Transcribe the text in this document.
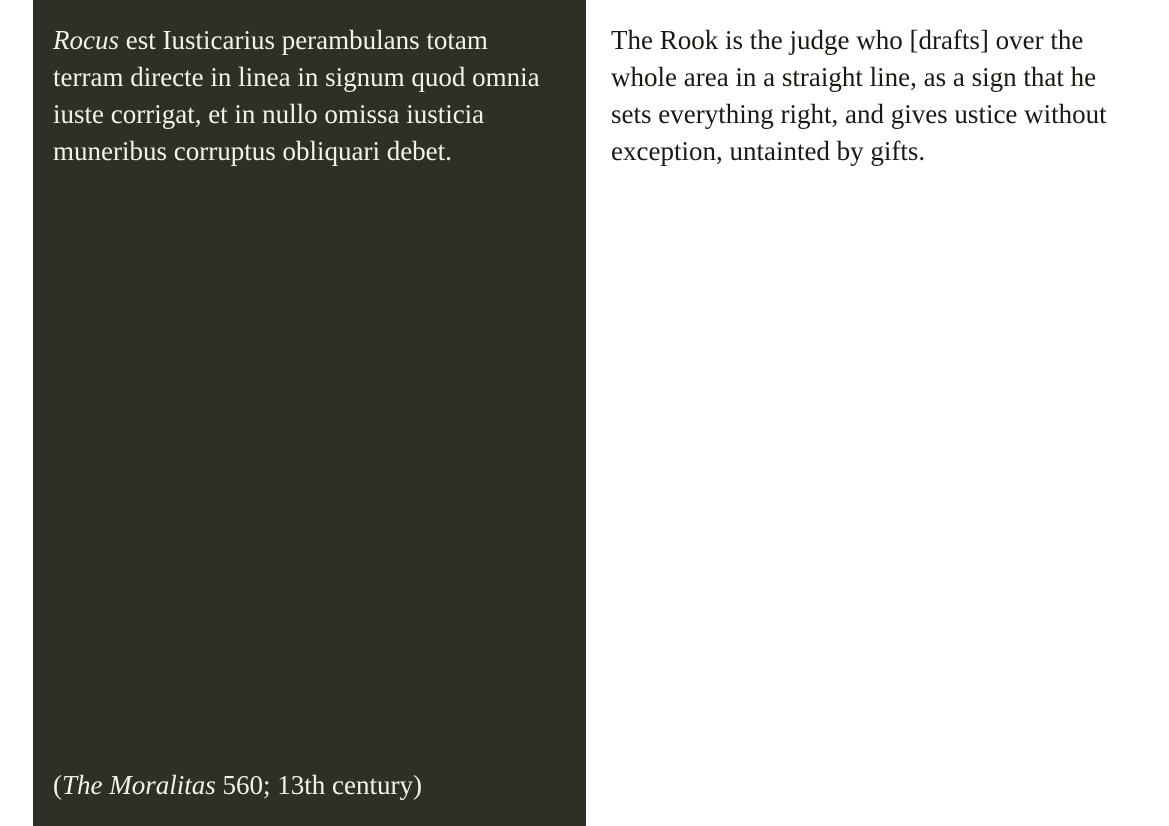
Rocus est Iusticarius perambulans totam terram directe in linea in signum quod omnia iuste corrigat, et in nullo omissa iusticia muneribus corruptus obliquari debet.

(The Moralitas 560; 13th century)

The Rook is the judge who [drafts] over the whole area in a straight line, as a sign that he sets everything right, and gives ustice without exception, untainted by gifts.
